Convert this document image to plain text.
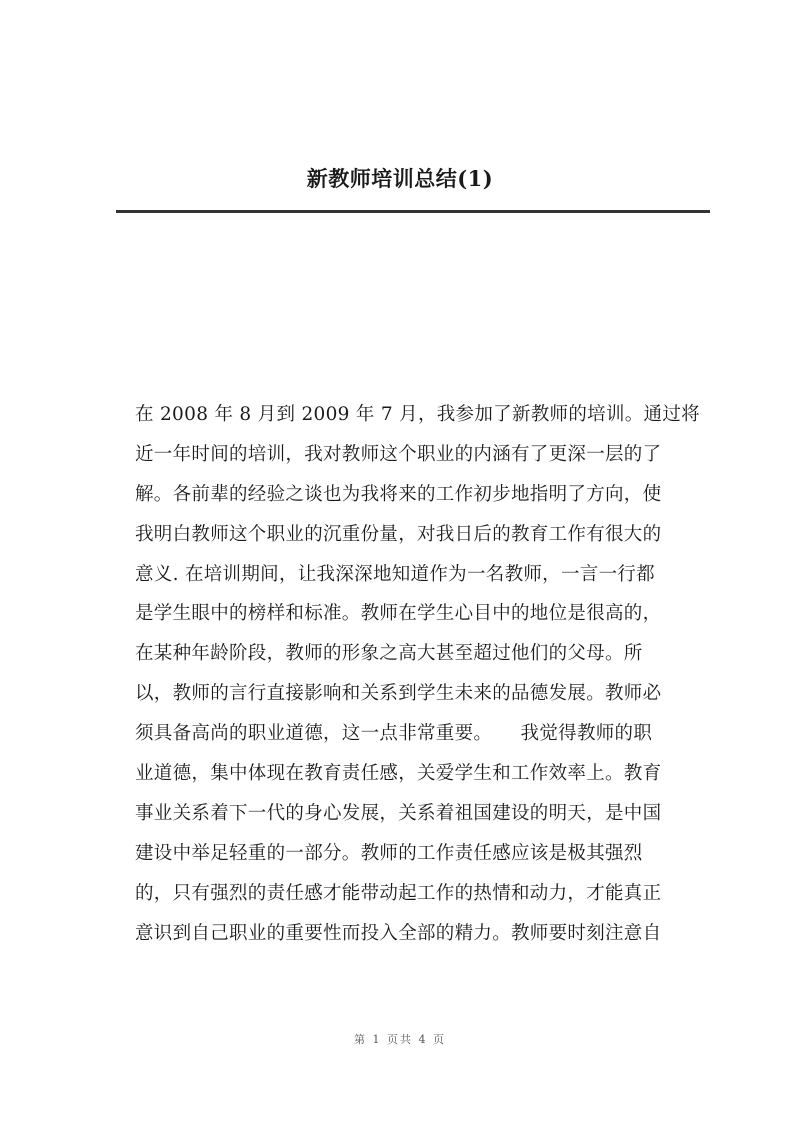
新教师培训总结(1)
在 2008 年 8 月到 2009 年 7 月，我参加了新教师的培训。通过将
近一年时间的培训，我对教师这个职业的内涵有了更深一层的了
解。各前辈的经验之谈也为我将来的工作初步地指明了方向，使
我明白教师这个职业的沉重份量，对我日后的教育工作有很大的
意义. 在培训期间，让我深深地知道作为一名教师，一言一行都
是学生眼中的榜样和标准。教师在学生心目中的地位是很高的，
在某种年龄阶段，教师的形象之高大甚至超过他们的父母。所
以，教师的言行直接影响和关系到学生未来的品德发展。教师必
须具备高尚的职业道德，这一点非常重要。　　我觉得教师的职
业道德，集中体现在教育责任感，关爱学生和工作效率上。教育
事业关系着下一代的身心发展，关系着祖国建设的明天，是中国
建设中举足轻重的一部分。教师的工作责任感应该是极其强烈
的，只有强烈的责任感才能带动起工作的热情和动力，才能真正
意识到自己职业的重要性而投入全部的精力。教师要时刻注意自
第 1 页共 4 页
